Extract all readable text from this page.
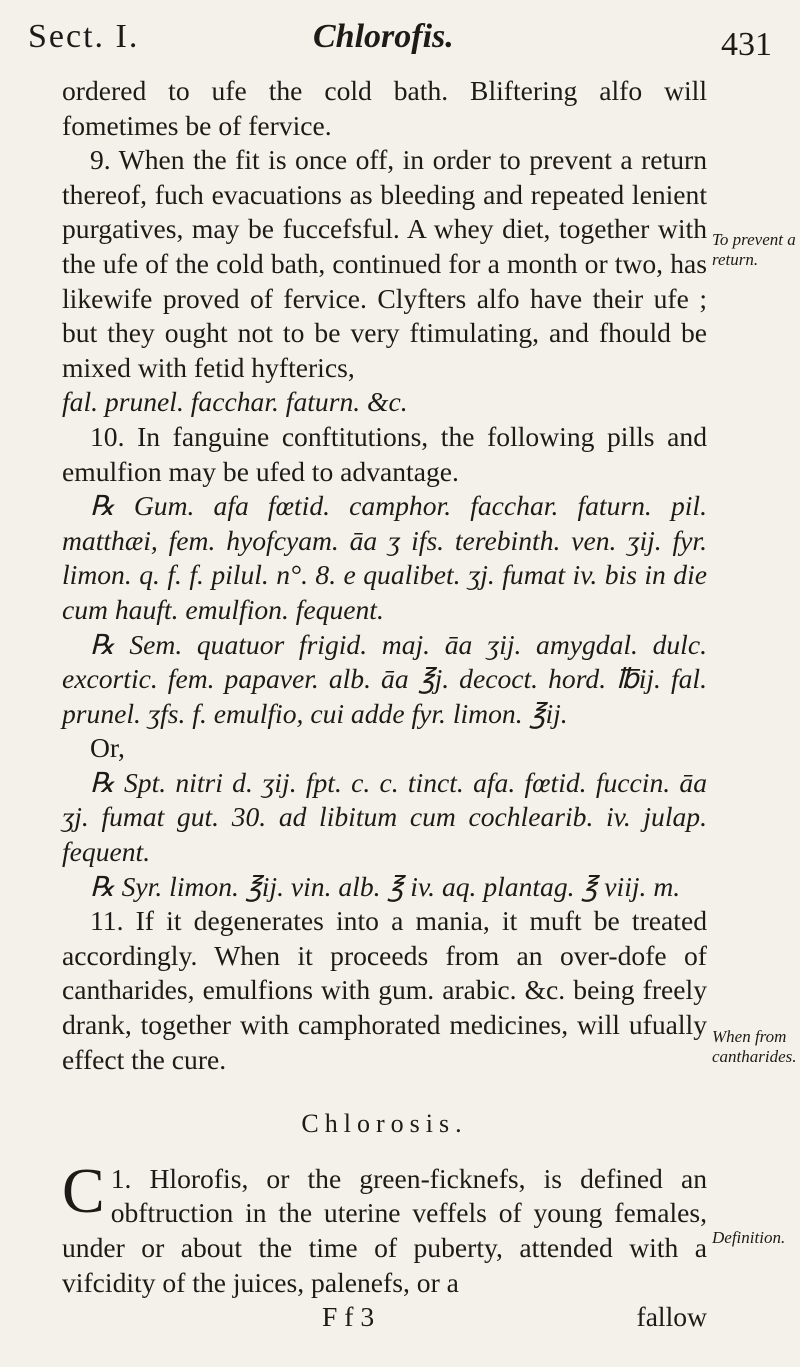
Sect. I.	Chlorofis.	431
To prevent a return.
When from cantharides.
Definition.

ordered to ufe the cold bath. Bliftering alfo will fometimes be of fervice.

9. When the fit is once off, in order to prevent a return thereof, fuch evacuations as bleeding and repeated lenient purgatives, may be fuccefsful. A whey diet, together with the ufe of the cold bath, continued for a month or two, has likewife proved of fervice. Clyfters alfo have their ufe ; but they ought not to be very ftimulating, and fhould be mixed with fetid hyfterics,

fal. prunel. facchar. faturn. &c.

10. In fanguine conftitutions, the following pills and emulfion may be ufed to advantage.

℞ Gum. afa fœtid. camphor. facchar. faturn. pil. matthæi, fem. hyofcyam. āa ʒ ifs. terebinth. ven. ʒij. fyr. limon. q. f. f. pilul. n°. 8. e qualibet. ʒj. fumat iv. bis in die cum hauft. emulfion. fequent.

℞ Sem. quatuor frigid. maj. āa ʒij. amygdal. dulc. excortic. fem. papaver. alb. āa ℥j. decoct. hord. ℔ij. fal. prunel. ʒfs. f. emulfio, cui adde fyr. limon. ℥ij.

Or,

℞ Spt. nitri d. ʒij. fpt. c. c. tinct. afa. fœtid. fuccin. āa ʒj. fumat gut. 30. ad libitum cum cochlearib. iv. julap. fequent.

℞ Syr. limon. ℥ij. vin. alb. ℥ iv. aq. plantag. ℥ viij. m.

11. If it degenerates into a mania, it muft be treated accordingly. When it proceeds from an over-dofe of cantharides, emulfions with gum. arabic. &c. being freely drank, together with camphorated medicines, will ufually effect the cure.

Chlorosis.

C 1. Hlorofis, or the green-ficknefs, is defined an obftruction in the uterine veffels of young females, under or about the time of puberty, attended with a vifcidity of the juices, palenefs, or a

F f 3	fallow
